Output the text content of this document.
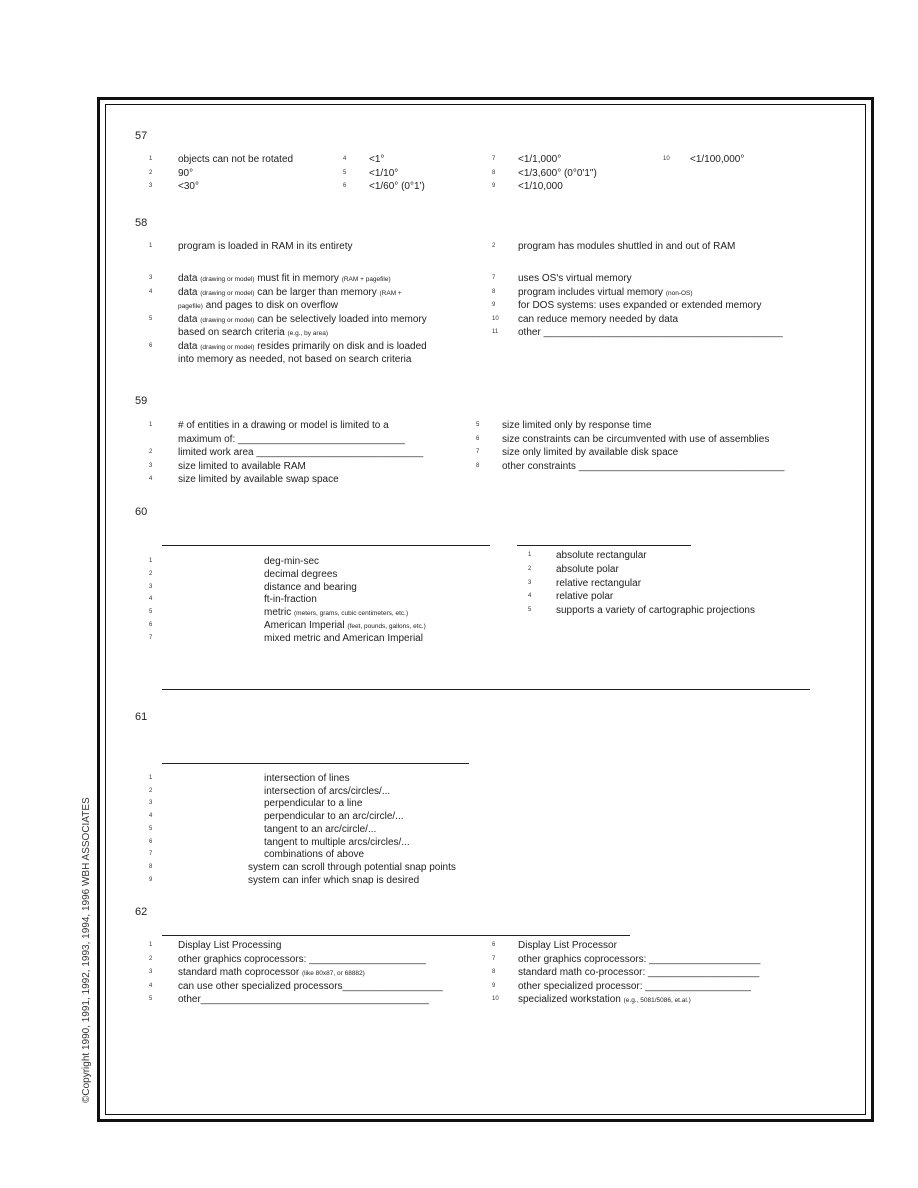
©Copyright 1990, 1991, 1992, 1993, 1994, 1996 WBH ASSOCIATES
57
1	objects can not be rotated
2	90°
3	<30°
4 <1°
5 <1/10°
6 <1/60° (0°1')
7 <1/1,000°
8 <1/3,600° (0°0'1")
9 <1/10,000
10 <1/100,000°
58
1	program is loaded in RAM in its entirety	2 program has modules shuttled in and out of RAM
3	data (drawing or model) must fit in memory (RAM + pagefile)
4	data (drawing or model) can be larger than memory (RAM +
pagefile) and pages to disk on overflow
5	data (drawing or model) can be selectively loaded into memory
based on search criteria (e.g., by area)
6	data (drawing or model) resides primarily on disk and is loaded
into memory as needed, not based on search criteria
7 uses OS's virtual memory
8 program includes virtual memory (non-OS)
9 for DOS systems: uses expanded or extended memory
10 can reduce memory needed by data
11 other ___________________________________________
59
1	# of entities in a drawing or model is limited to a
maximum of: ______________________________
2	limited work area ______________________________
3	size limited to available RAM
4	size limited by available swap space
5 size limited only by response time
6 size constraints can be circumvented with use of assemblies
7 size only limited by available disk space
8 other constraints _____________________________________
60
1	deg-min-sec
2	decimal degrees
3	distance and bearing
4	ft-in-fraction
5	metric (meters, grams, cubic centimeters, etc.)
6	American Imperial (feet, pounds, gallons, etc.)
7	mixed metric and American Imperial
1 absolute rectangular
2 absolute polar
3 relative rectangular
4 relative polar
5 supports a variety of cartographic projections
61
1	intersection of lines
2	intersection of arcs/circles/...
3	perpendicular to a line
4	perpendicular to an arc/circle/...
5	tangent to an arc/circle/...
6	tangent to multiple arcs/circles/...
7	combinations of above
8	system can scroll through potential snap points
9	system can infer which snap is desired
62
1	Display List Processing
2	other graphics coprocessors: _____________________
3	standard math coprocessor (like 80x87, or 68882)
4	can use other specialized processors__________________
5	other_________________________________________
6 Display List Processor
7 other graphics coprocessors: ____________________
8 standard math co-processor: ____________________
9 other specialized processor: ___________________
10 specialized workstation (e.g., 5081/5086, et.al.)
